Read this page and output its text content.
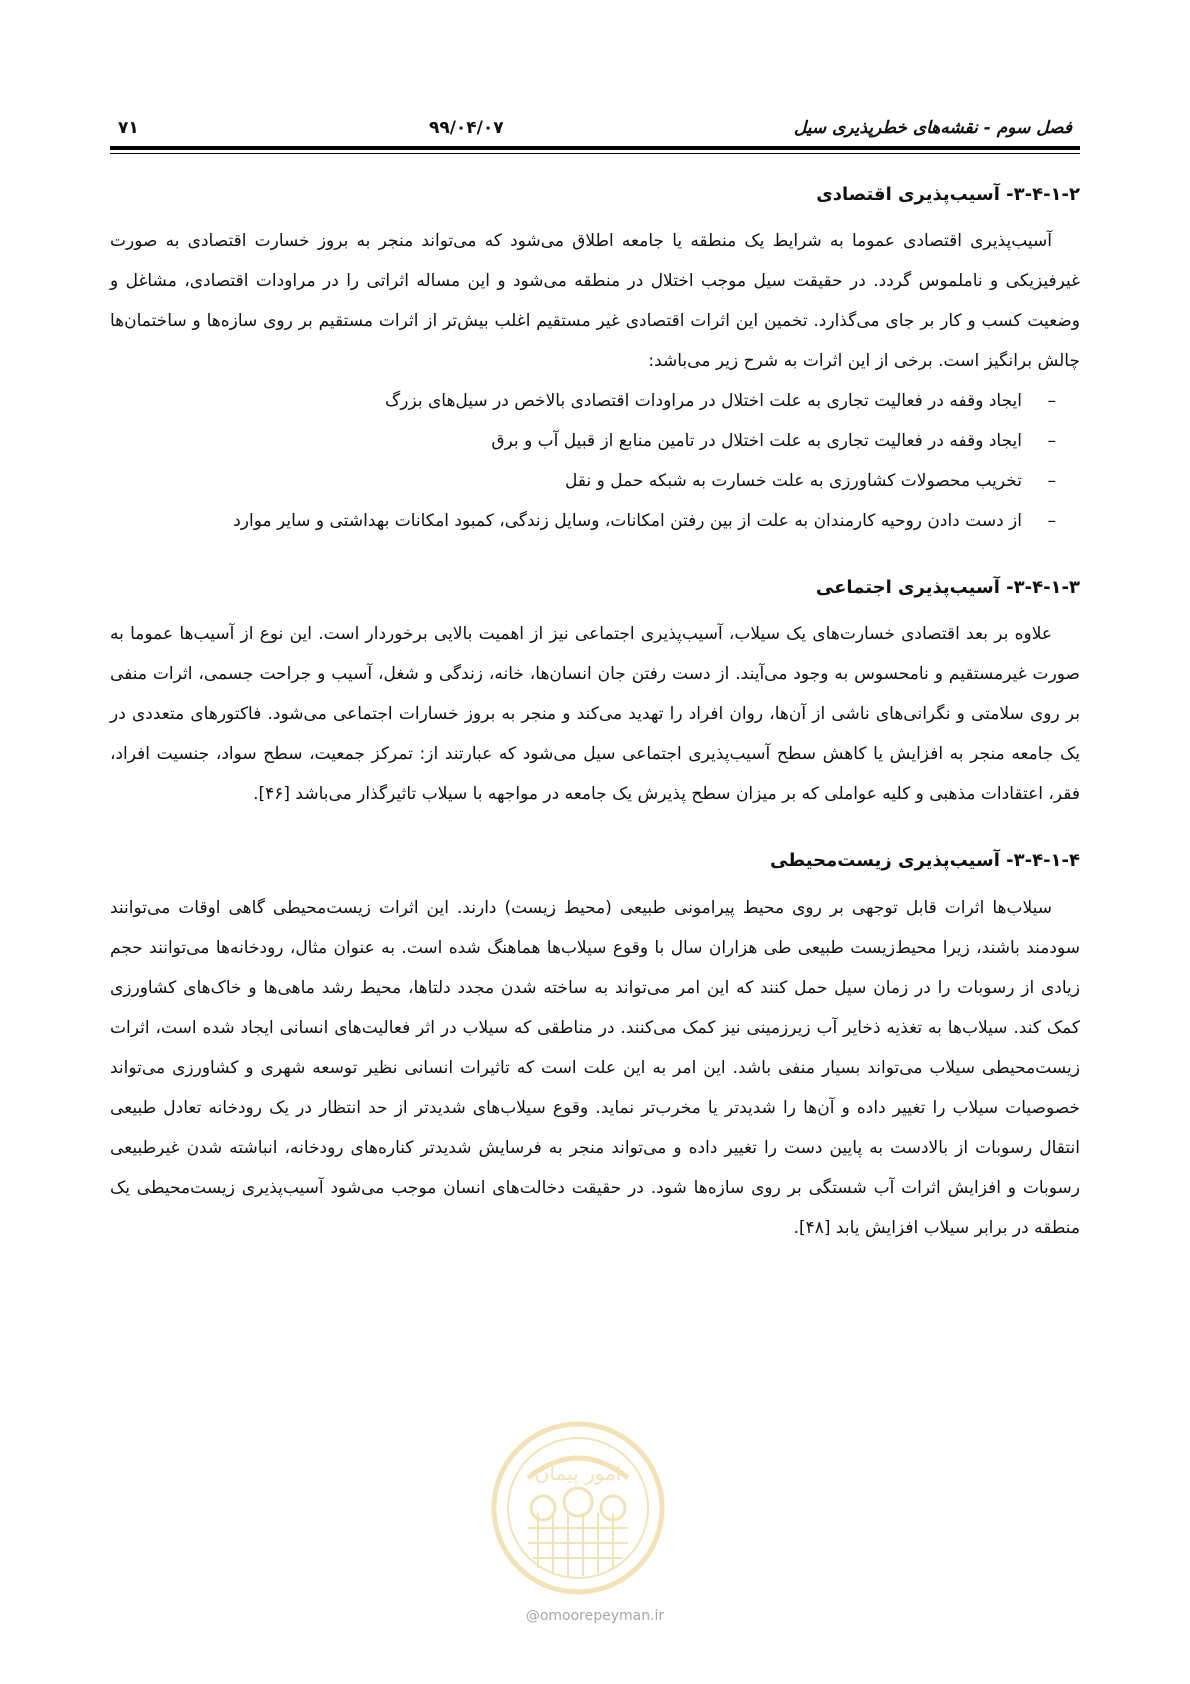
فصل سوم - نقشه‌های خطرپذیری سیل
۹۹/۰۴/۰۷
۷۱
۳-۴-۱-۲- آسیب‌پذیری اقتصادی

آسیب‌پذیری اقتصادی عموما به شرایط یک منطقه یا جامعه اطلاق می‌شود که می‌تواند منجر به بروز خسارت اقتصادی به صورت غیرفیزیکی و ناملموس گردد. در حقیقت سیل موجب اختلال در منطقه می‌شود و این مساله اثراتی را در مراودات اقتصادی، مشاغل و وضعیت کسب و کار بر جای می‌گذارد. تخمین این اثرات اقتصادی غیر مستقیم اغلب بیش‌تر از اثرات مستقیم بر روی سازه‌ها و ساختمان‌ها چالش برانگیز است. برخی از این اثرات به شرح زیر می‌باشد:

–ایجاد وقفه در فعالیت تجاری به علت اختلال در مراودات اقتصادی بالاخص در سیل‌های بزرگ
–ایجاد وقفه در فعالیت تجاری به علت اختلال در تامین منابع از قبیل آب و برق
–تخریب محصولات کشاورزی به علت خسارت به شبکه حمل و نقل
–از دست دادن روحیه کارمندان به علت از بین رفتن امکانات، وسایل زندگی، کمبود امکانات بهداشتی و سایر موارد
۳-۴-۱-۳- آسیب‌پذیری اجتماعی

علاوه بر بعد اقتصادی خسارت‌های یک سیلاب، آسیب‌پذیری اجتماعی نیز از اهمیت بالایی برخوردار است. این نوع از آسیب‌ها عموما به صورت غیرمستقیم و نامحسوس به وجود می‌آیند. از دست رفتن جان انسان‌ها، خانه، زندگی و شغل، آسیب و جراحت جسمی، اثرات منفی بر روی سلامتی و نگرانی‌های ناشی از آن‌ها، روان افراد را تهدید می‌کند و منجر به بروز خسارات اجتماعی می‌شود. فاکتورهای متعددی در یک جامعه منجر به افزایش یا کاهش سطح آسیب‌پذیری اجتماعی سیل می‌شود که عبارتند از: تمرکز جمعیت، سطح سواد، جنسیت افراد، فقر، اعتقادات مذهبی و کلیه عواملی که بر میزان سطح پذیرش یک جامعه در مواجهه با سیلاب تاثیرگذار می‌باشد [۴۶].

۳-۴-۱-۴- آسیب‌پذیری زیست‌محیطی

سیلاب‌ها اثرات قابل توجهی بر روی محیط پیرامونی طبیعی (محیط زیست) دارند. این اثرات زیست‌محیطی گاهی اوقات می‌توانند سودمند باشند، زیرا محیط‌زیست طبیعی طی هزاران سال با وقوع سیلاب‌ها هماهنگ شده است. به عنوان مثال، رودخانه‌ها می‌توانند حجم زیادی از رسوبات را در زمان سیل حمل کنند که این امر می‌تواند به ساخته شدن مجدد دلتاها، محیط رشد ماهی‌ها و خاک‌های کشاورزی کمک کند. سیلاب‌ها به تغذیه ذخایر آب زیرزمینی نیز کمک می‌کنند. در مناطقی که سیلاب در اثر فعالیت‌های انسانی ایجاد شده است، اثرات زیست‌محیطی سیلاب می‌تواند بسیار منفی باشد. این امر به این علت است که تاثیرات انسانی نظیر توسعه شهری و کشاورزی می‌تواند خصوصیات سیلاب را تغییر داده و آن‌ها را شدیدتر یا مخرب‌تر نماید. وقوع سیلاب‌های شدیدتر از حد انتظار در یک رودخانه تعادل طبیعی انتقال رسوبات از بالادست به پایین دست را تغییر داده و می‌تواند منجر به فرسایش شدیدتر کناره‌های رودخانه، انباشته شدن غیرطبیعی رسوبات و افزایش اثرات آب شستگی بر روی سازه‌ها شود. در حقیقت دخالت‌های انسان موجب می‌شود آسیب‌پذیری زیست‌محیطی یک منطقه در برابر سیلاب افزایش یابد [۴۸].

امور پیمان
@omoorepeyman.ir
